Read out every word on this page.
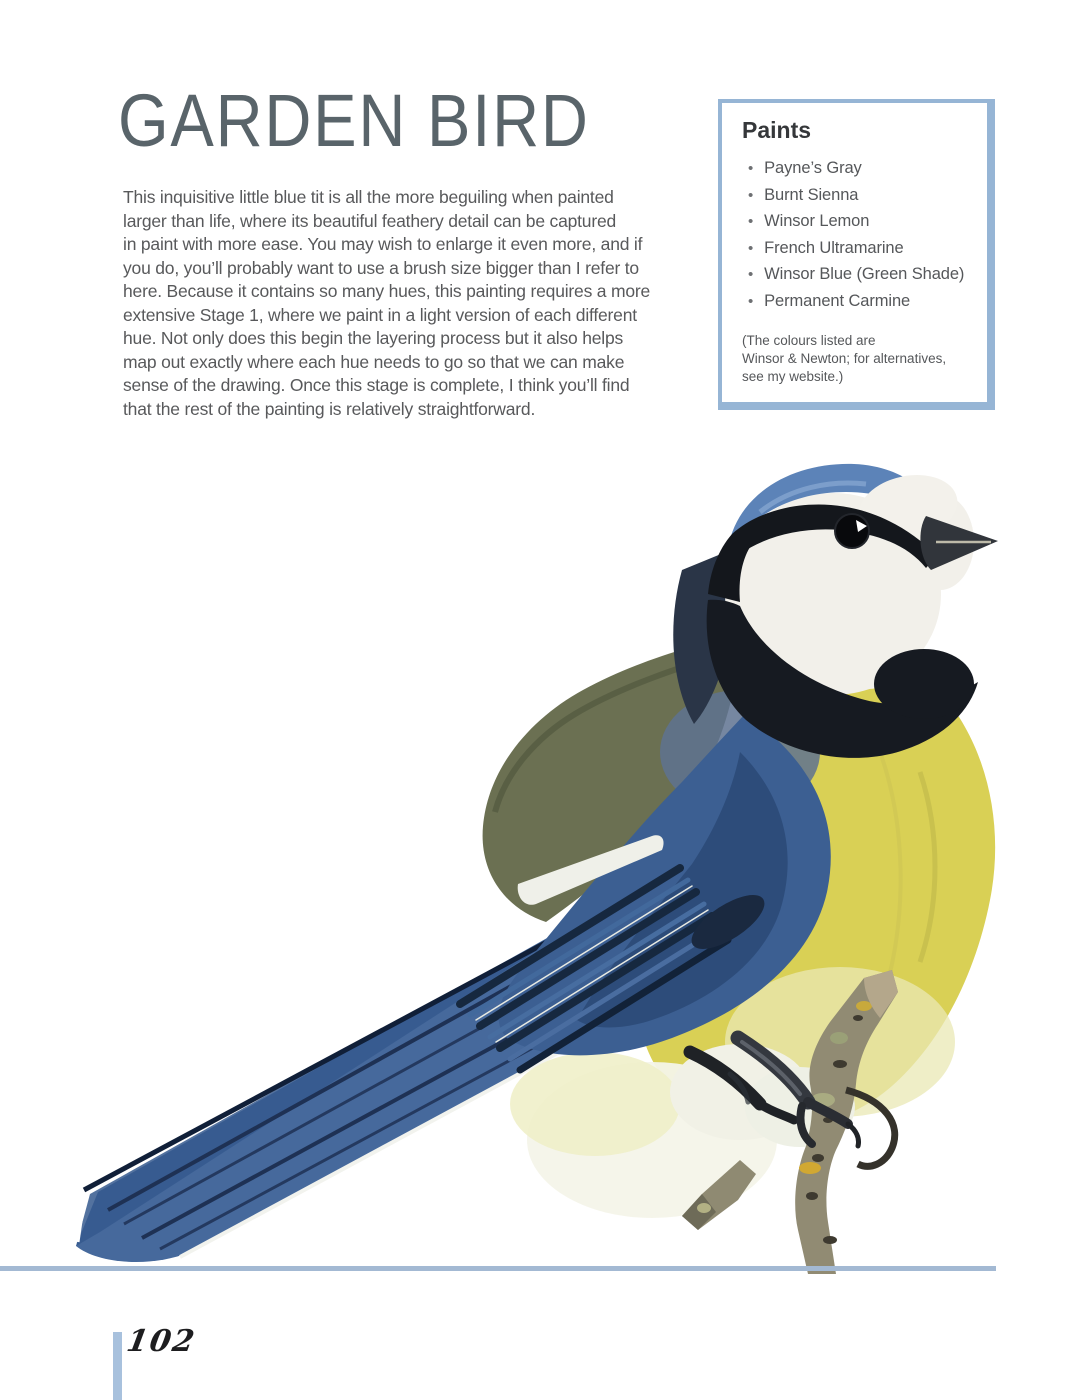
GARDEN BIRD
This inquisitive little blue tit is all the more beguiling when painted
larger than life, where its beautiful feathery detail can be captured
in paint with more ease. You may wish to enlarge it even more, and if
you do, you’ll probably want to use a brush size bigger than I refer to
here. Because it contains so many hues, this painting requires a more
extensive Stage 1, where we paint in a light version of each different
hue. Not only does this begin the layering process but it also helps
map out exactly where each hue needs to go so that we can make
sense of the drawing. Once this stage is complete, I think you’ll find
that the rest of the painting is relatively straightforward.
Paints
• Payne’s Gray
• Burnt Sienna
• Winsor Lemon
• French Ultramarine
• Winsor Blue (Green Shade)
• Permanent Carmine
(The colours listed are
Winsor & Newton; for alternatives,
see my website.)
102
